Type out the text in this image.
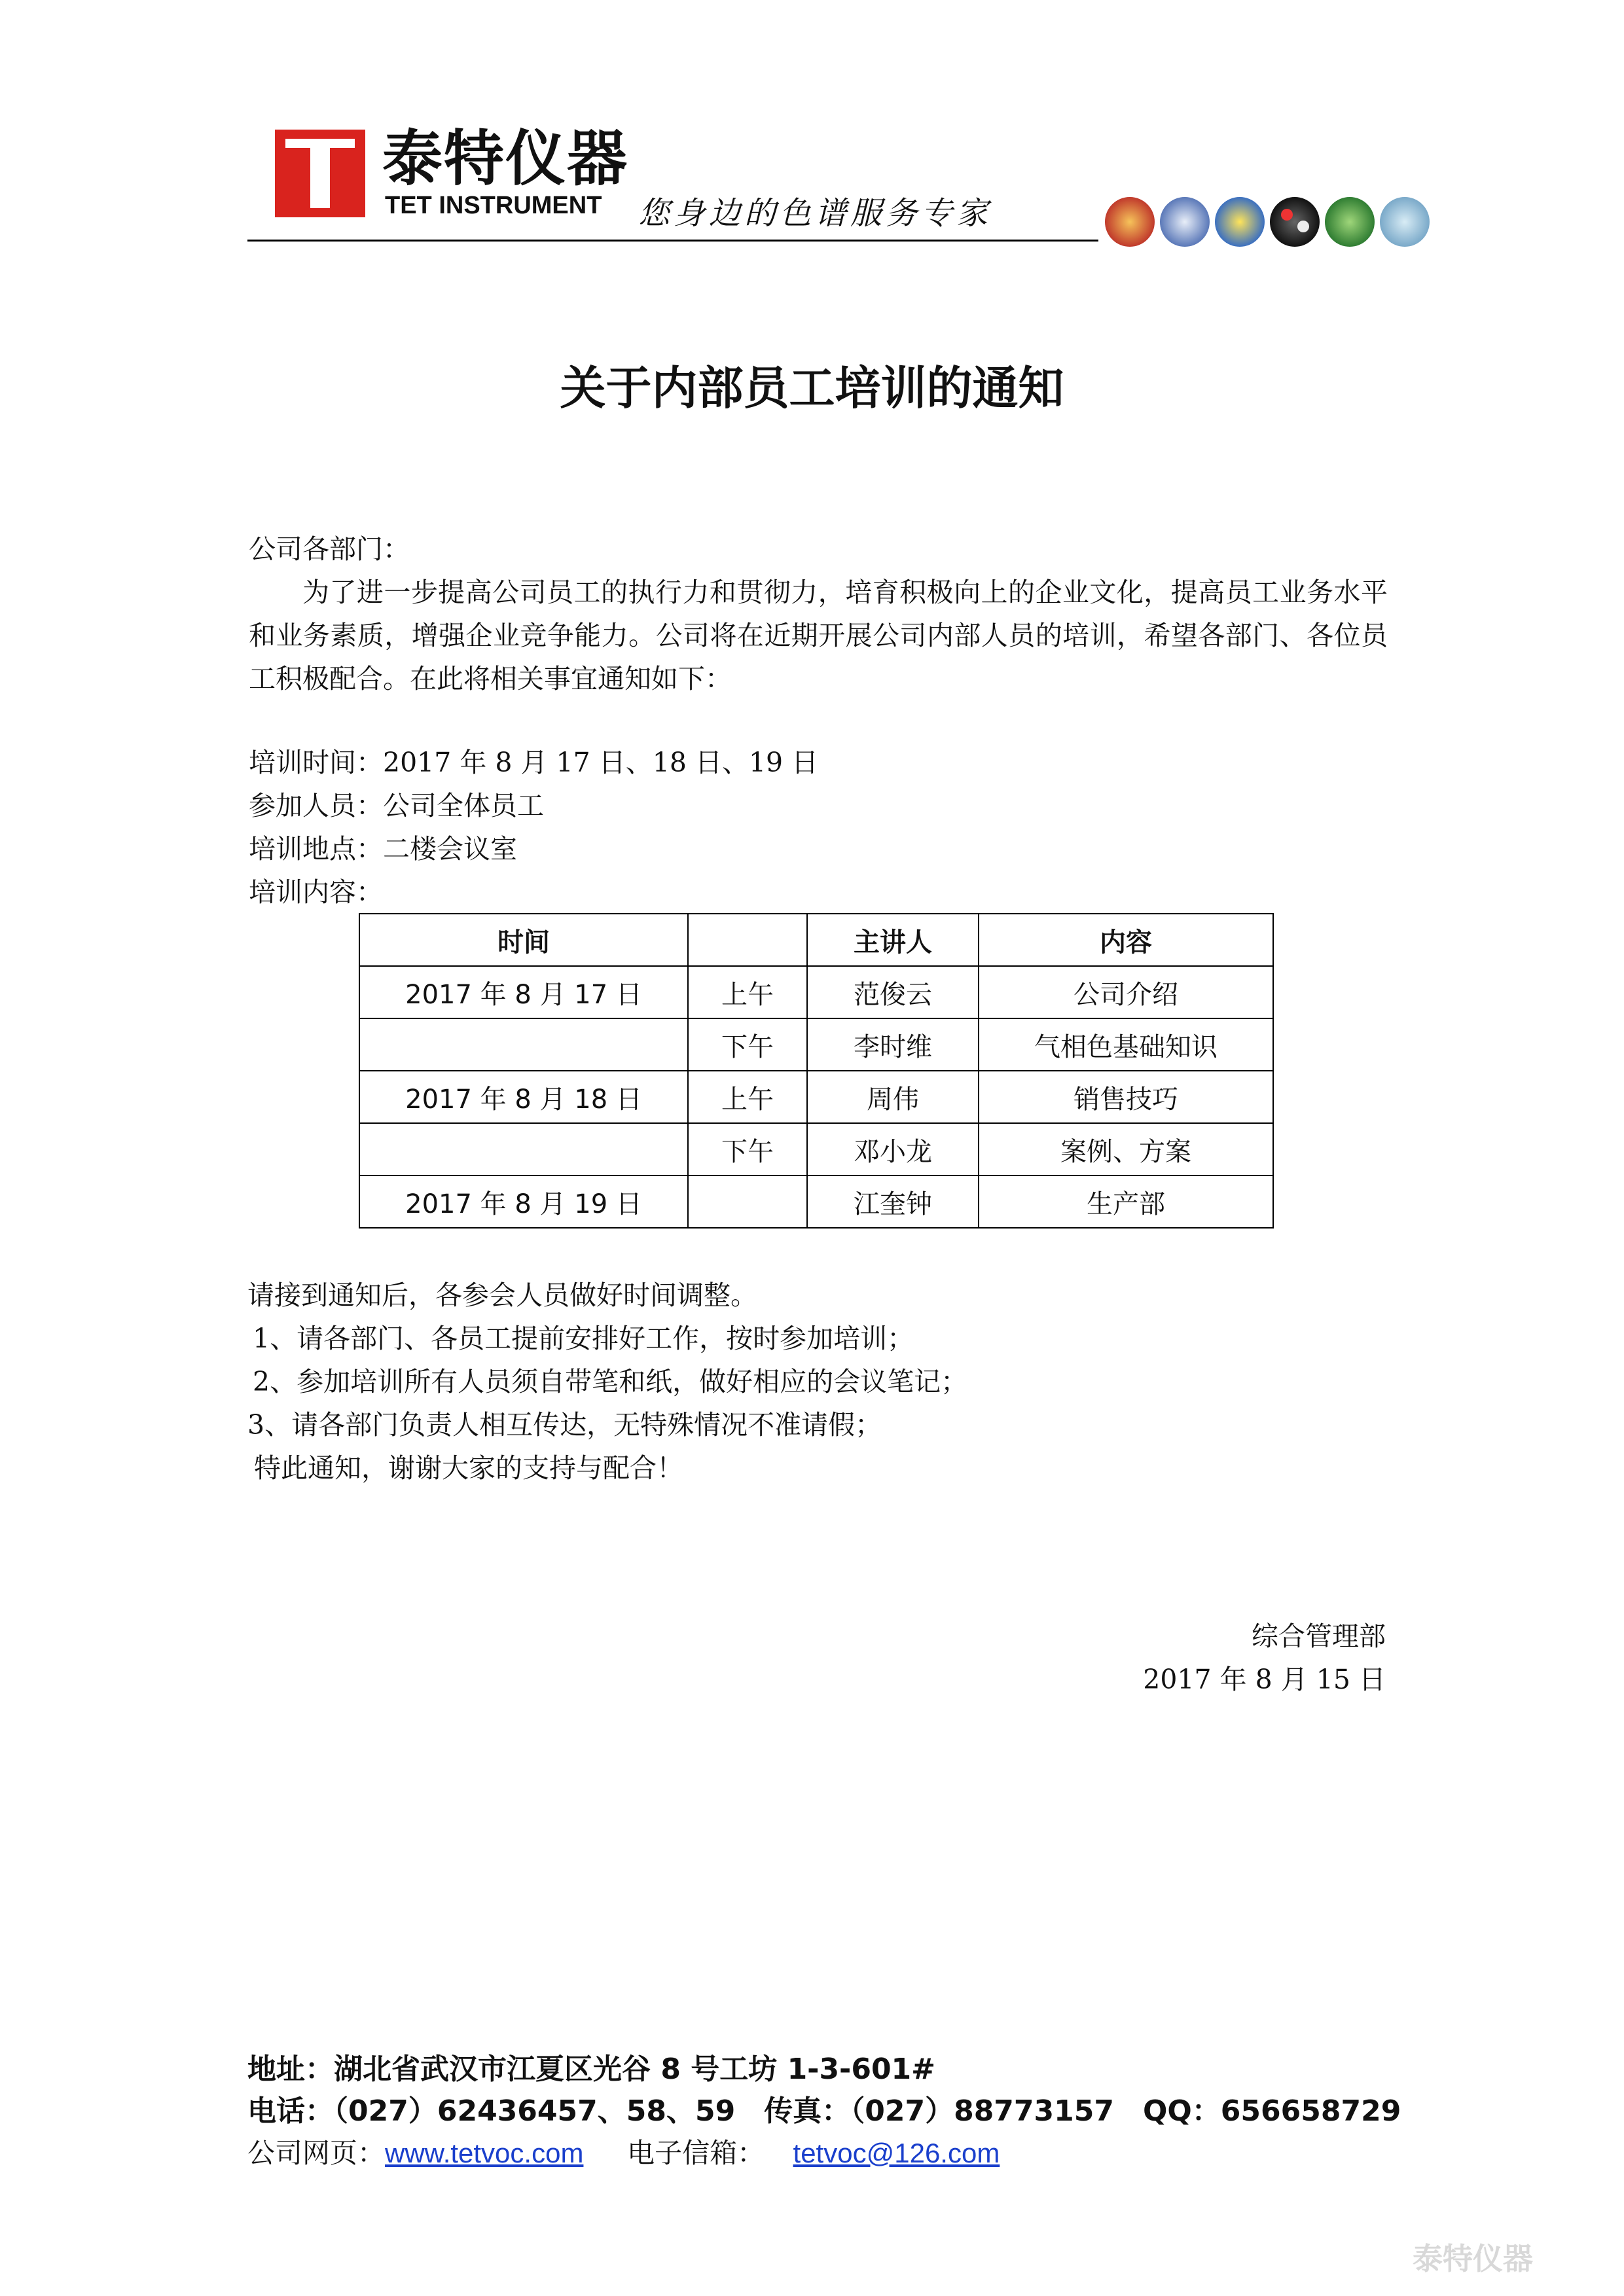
泰特仪器
TET INSTRUMENT 您身边的色谱服务专家
关于内部员工培训的通知
公司各部门：

为了进一步提高公司员工的执行力和贯彻力，培育积极向上的企业文化，提高员工业务水平和业务素质，增强企业竞争能力。公司将在近期开展公司内部人员的培训，希望各部门、各位员工积极配合。在此将相关事宜通知如下：

培训时间：2017 年 8 月 17 日、18 日、19 日
参加人员：公司全体员工
培训地点：二楼会议室
培训内容：
时间		主讲人	内容
2017 年 8 月 17 日	上午	范俊云	公司介绍
	下午	李时维	气相色基础知识
2017 年 8 月 18 日	上午	周伟	销售技巧
	下午	邓小龙	案例、方案
2017 年 8 月 19 日		江奎钟	生产部
请接到通知后，各参会人员做好时间调整。
1、请各部门、各员工提前安排好工作，按时参加培训；
2、参加培训所有人员须自带笔和纸，做好相应的会议笔记；
3、请各部门负责人相互传达，无特殊情况不准请假；
特此通知，谢谢大家的支持与配合！
综合管理部
2017 年 8 月 15 日
地址：湖北省武汉市江夏区光谷 8 号工坊 1-3-601#
电话：（027）62436457、58、59　传真：（027）88773157　QQ：656658729
公司网页：www.tetvoc.com 电子信箱： tetvoc@126.com
泰特仪器
